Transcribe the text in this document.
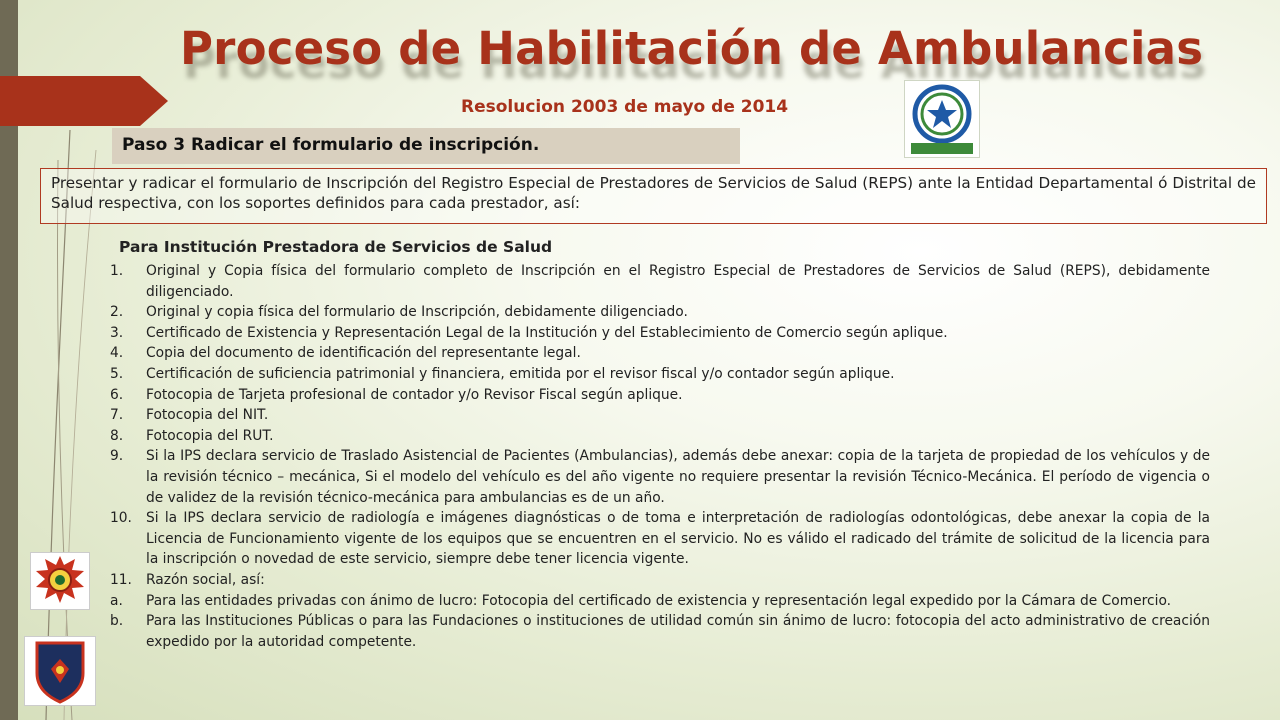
Proceso de Habilitación de Ambulancias

Resolucion 2003 de mayo de 2014

Paso 3 Radicar el formulario de inscripción.

Presentar y radicar el formulario de Inscripción del Registro Especial de Prestadores de Servicios de Salud (REPS) ante la Entidad Departamental ó Distrital de Salud respectiva, con los soportes definidos para cada prestador, así:

Para Institución Prestadora de Servicios de Salud

1.	Original y Copia física del formulario completo de Inscripción en el Registro Especial de Prestadores de Servicios de Salud (REPS), debidamente diligenciado.
2.	Original y copia física del formulario de Inscripción, debidamente diligenciado.
3.	Certificado de Existencia y Representación Legal de la Institución y del Establecimiento de Comercio según aplique.
4.	Copia del documento de identificación del representante legal.
5.	Certificación de suficiencia patrimonial y financiera, emitida por el revisor fiscal y/o contador según aplique.
6.	Fotocopia de Tarjeta profesional de contador y/o Revisor Fiscal según aplique.
7.	Fotocopia del NIT.
8.	Fotocopia del RUT.
9.	Si la IPS declara servicio de Traslado Asistencial de Pacientes (Ambulancias), además debe anexar: copia de la tarjeta de propiedad de los vehículos y de la revisión técnico – mecánica, Si el modelo del vehículo es del año vigente no requiere presentar la revisión Técnico-Mecánica. El período de vigencia o de validez de la revisión técnico-mecánica para ambulancias es de un año.
10.	Si la IPS declara servicio de radiología e imágenes diagnósticas o de toma e interpretación de radiologías odontológicas, debe anexar la copia de la Licencia de Funcionamiento vigente de los equipos que se encuentren en el servicio. No es válido el radicado del trámite de solicitud de la licencia para la inscripción o novedad de este servicio, siempre debe tener licencia vigente.
11.	Razón social, así:
a.	Para las entidades privadas con ánimo de lucro: Fotocopia del certificado de existencia y representación legal expedido por la Cámara de Comercio.
b.	Para las Instituciones Públicas o para las Fundaciones o instituciones de utilidad común sin ánimo de lucro: fotocopia del acto administrativo de creación expedido por la autoridad competente.
